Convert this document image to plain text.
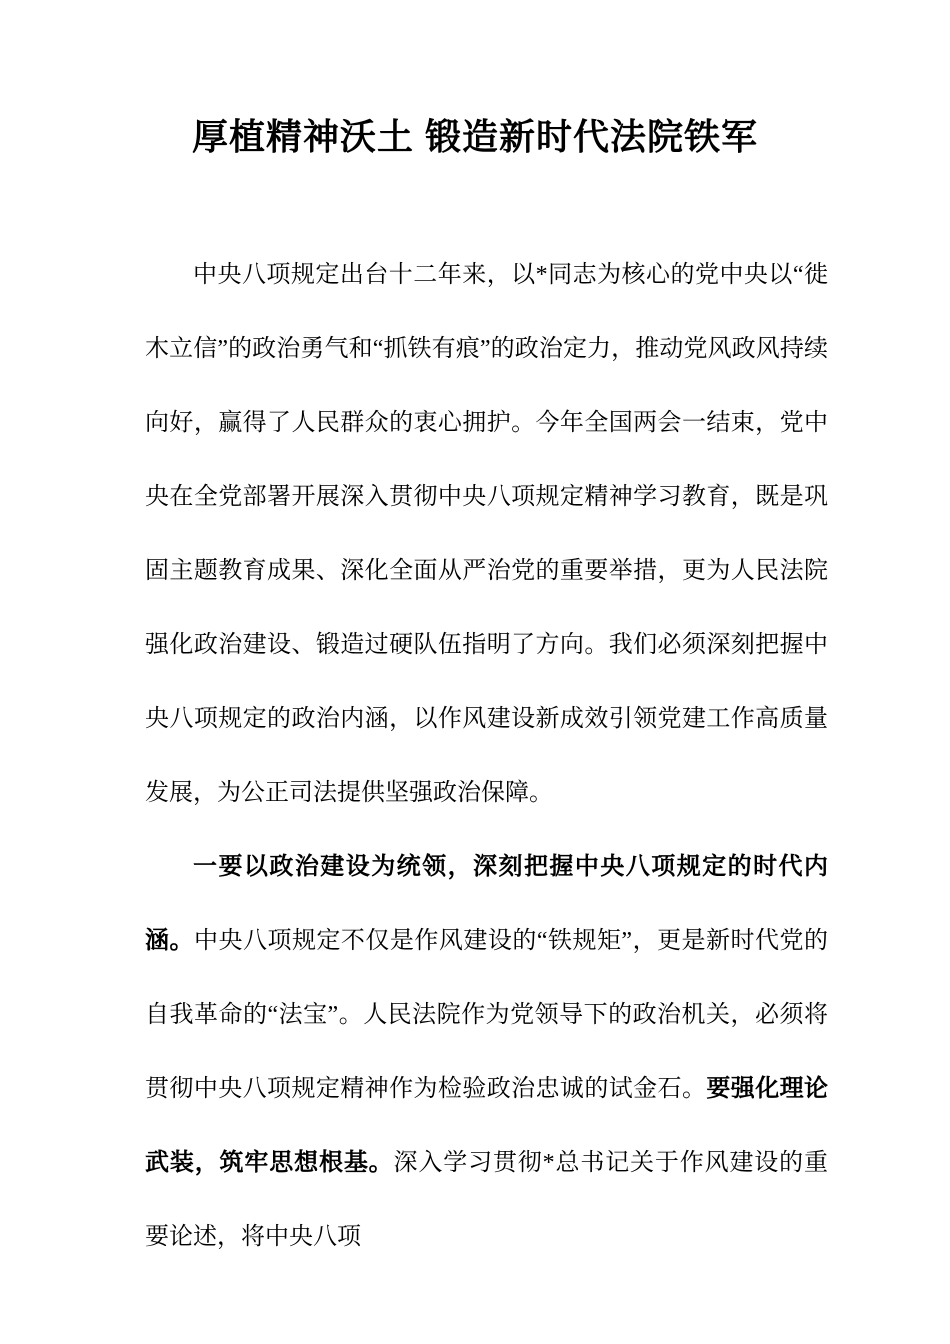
厚植精神沃土 锻造新时代法院铁军

中央八项规定出台十二年来，以*同志为核心的党中央以“徙木立信”的政治勇气和“抓铁有痕”的政治定力，推动党风政风持续向好，赢得了人民群众的衷心拥护。今年全国两会一结束，党中央在全党部署开展深入贯彻中央八项规定精神学习教育，既是巩固主题教育成果、深化全面从严治党的重要举措，更为人民法院强化政治建设、锻造过硬队伍指明了方向。我们必须深刻把握中央八项规定的政治内涵，以作风建设新成效引领党建工作高质量发展，为公正司法提供坚强政治保障。

一要以政治建设为统领，深刻把握中央八项规定的时代内涵。中央八项规定不仅是作风建设的“铁规矩”，更是新时代党的自我革命的“法宝”。人民法院作为党领导下的政治机关，必须将贯彻中央八项规定精神作为检验政治忠诚的试金石。要强化理论武装，筑牢思想根基。深入学习贯彻*总书记关于作风建设的重要论述，将中央八项
